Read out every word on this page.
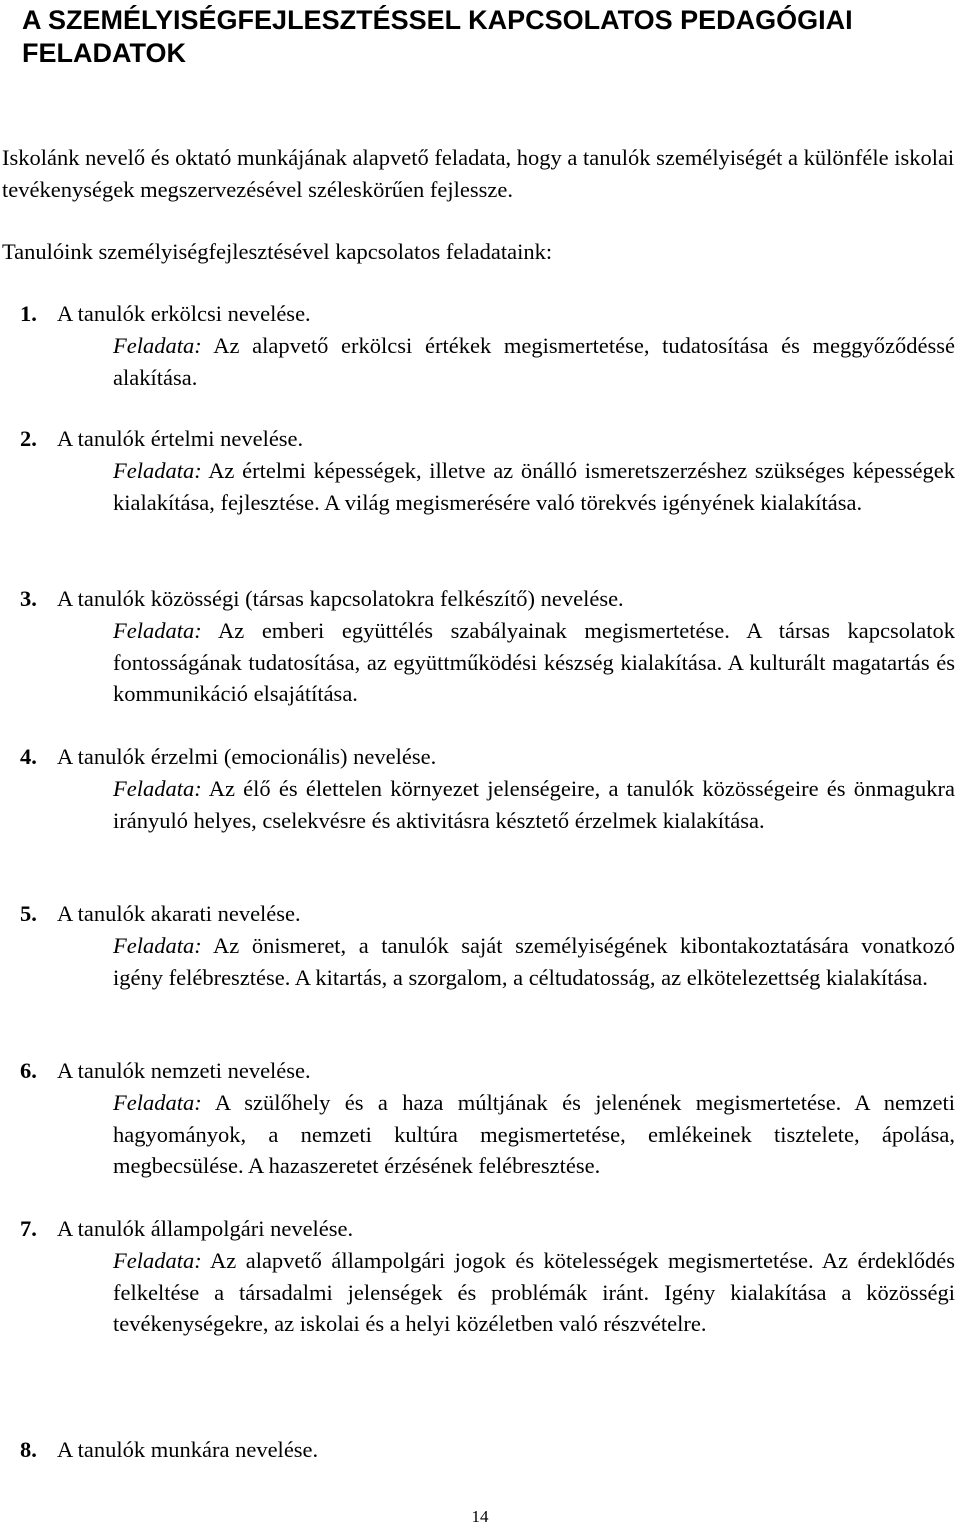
A SZEMÉLYISÉGFEJLESZTÉSSEL KAPCSOLATOS PEDAGÓGIAI FELADATOK

Iskolánk nevelő és oktató munkájának alapvető feladata, hogy a tanulók személyiségét a különféle iskolai tevékenységek megszervezésével széleskörűen fejlessze.

Tanulóink személyiségfejlesztésével kapcsolatos feladataink:

1. A tanulók erkölcsi nevelése.

Feladata: Az alapvető erkölcsi értékek megismertetése, tudatosítása és meggyőződéssé alakítása.

2. A tanulók értelmi nevelése.

Feladata: Az értelmi képességek, illetve az önálló ismeretszerzéshez szükséges képességek kialakítása, fejlesztése. A világ megismerésére való törekvés igényének kialakítása.

3. A tanulók közösségi (társas kapcsolatokra felkészítő) nevelése.

Feladata: Az emberi együttélés szabályainak megismertetése. A társas kapcsolatok fontosságának tudatosítása, az együttműködési készség kialakítása. A kulturált magatartás és kommunikáció elsajátítása.

4. A tanulók érzelmi (emocionális) nevelése.

Feladata: Az élő és élettelen környezet jelenségeire, a tanulók közösségeire és önmagukra irányuló helyes, cselekvésre és aktivitásra késztető érzelmek kialakítása.

5. A tanulók akarati nevelése.

Feladata: Az önismeret, a tanulók saját személyiségének kibontakoztatására vonatkozó igény felébresztése. A kitartás, a szorgalom, a céltudatosság, az elkötelezettség kialakítása.

6. A tanulók nemzeti nevelése.

Feladata: A szülőhely és a haza múltjának és jelenének megismertetése. A nemzeti hagyományok, a nemzeti kultúra megismertetése, emlékeinek tisztelete, ápolása, megbecsülése. A hazaszeretet érzésének felébresztése.

7. A tanulók állampolgári nevelése.

Feladata: Az alapvető állampolgári jogok és kötelességek megismertetése. Az érdeklődés felkeltése a társadalmi jelenségek és problémák iránt. Igény kialakítása a közösségi tevékenységekre, az iskolai és a helyi közéletben való részvételre.

8. A tanulók munkára nevelése.
14
